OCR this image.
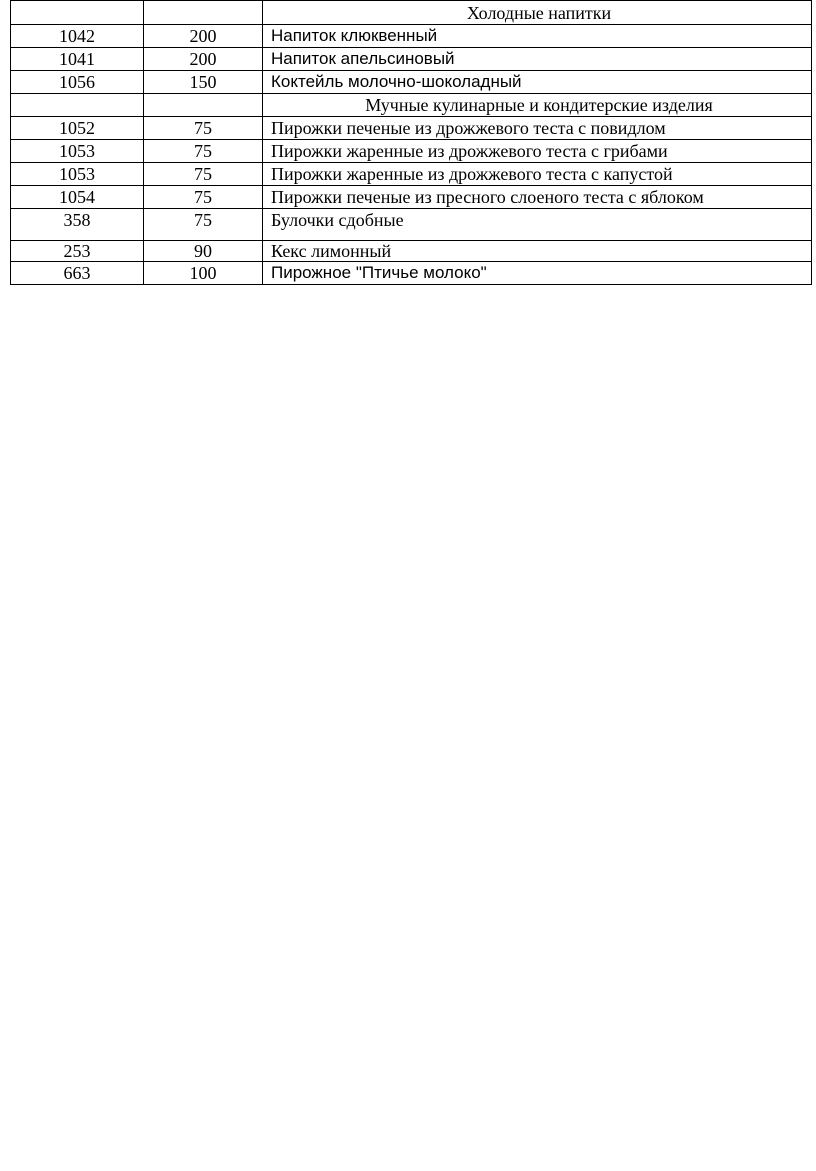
		Холодные напитки
1042	200	Напиток клюквенный
1041	200	Напиток апельсиновый
1056	150	Коктейль молочно-шоколадный
		Мучные кулинарные и кондитерские изделия
1052	75	Пирожки печеные из дрожжевого теста с повидлом
1053	75	Пирожки жаренные из дрожжевого теста с грибами
1053	75	Пирожки жаренные из дрожжевого теста с капустой
1054	75	Пирожки печеные из пресного слоеного теста с яблоком
358	75	Булочки сдобные
253	90	Кекс лимонный
663	100	Пирожное "Птичье молоко"
